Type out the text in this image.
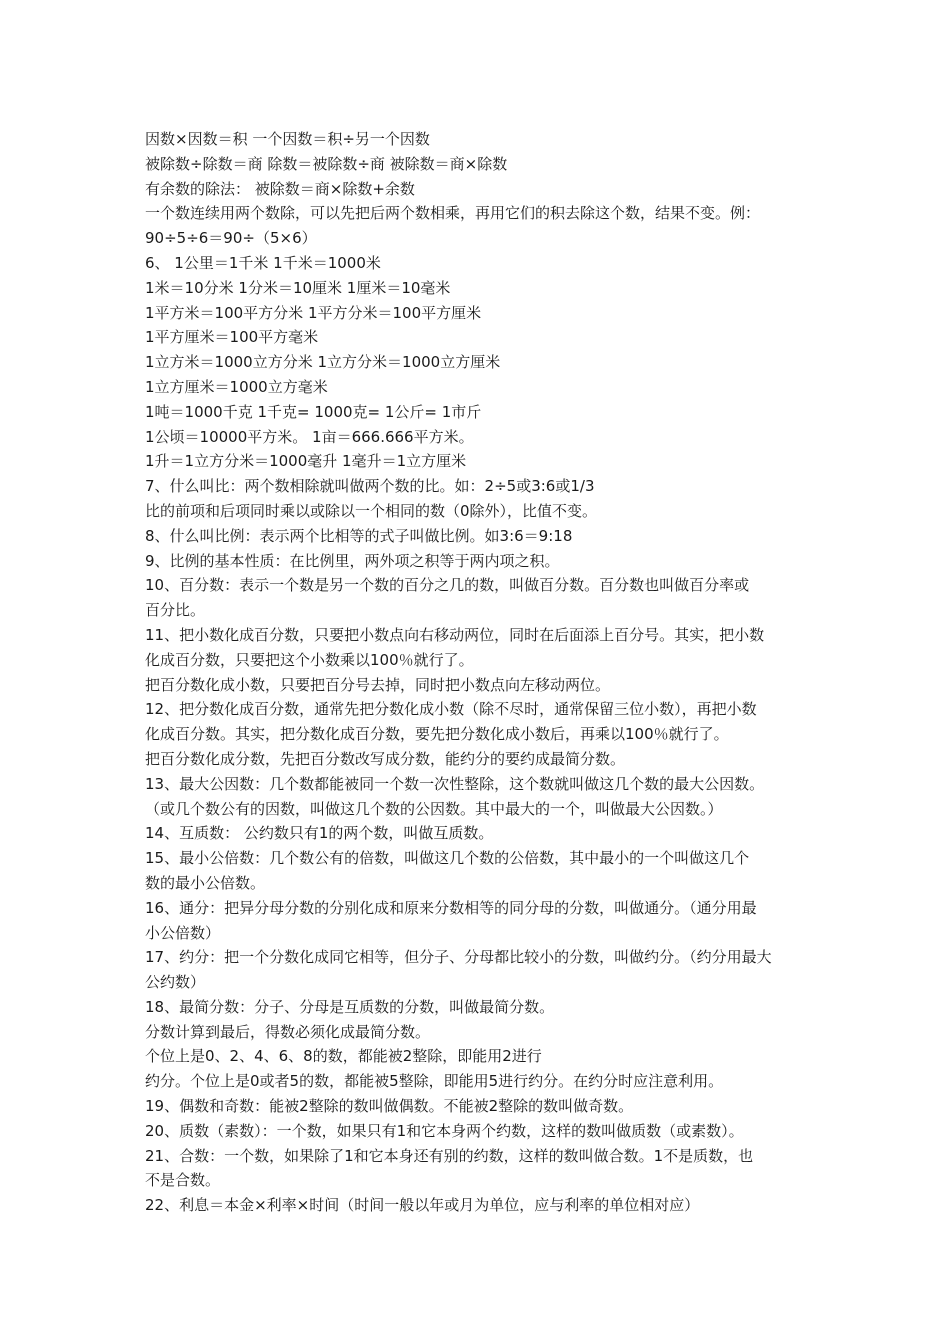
因数×因数＝积 一个因数＝积÷另一个因数
被除数÷除数＝商 除数＝被除数÷商 被除数＝商×除数
有余数的除法： 被除数＝商×除数+余数
一个数连续用两个数除，可以先把后两个数相乘，再用它们的积去除这个数，结果不变。例：
90÷5÷6＝90÷（5×6）
6、 1公里＝1千米 1千米＝1000米
1米＝10分米 1分米＝10厘米 1厘米＝10毫米
1平方米＝100平方分米 1平方分米＝100平方厘米
1平方厘米＝100平方毫米
1立方米＝1000立方分米 1立方分米＝1000立方厘米
1立方厘米＝1000立方毫米
1吨＝1000千克 1千克= 1000克= 1公斤= 1市斤
1公顷＝10000平方米。 1亩＝666.666平方米。
1升＝1立方分米＝1000毫升 1毫升＝1立方厘米
7、什么叫比：两个数相除就叫做两个数的比。如：2÷5或3:6或1/3
比的前项和后项同时乘以或除以一个相同的数（0除外），比值不变。
8、什么叫比例：表示两个比相等的式子叫做比例。如3:6＝9:18
9、比例的基本性质：在比例里，两外项之积等于两内项之积。
10、百分数：表示一个数是另一个数的百分之几的数，叫做百分数。百分数也叫做百分率或
百分比。
11、把小数化成百分数，只要把小数点向右移动两位，同时在后面添上百分号。其实，把小数
化成百分数，只要把这个小数乘以100％就行了。
把百分数化成小数，只要把百分号去掉，同时把小数点向左移动两位。
12、把分数化成百分数，通常先把分数化成小数（除不尽时，通常保留三位小数），再把小数
化成百分数。其实，把分数化成百分数，要先把分数化成小数后，再乘以100％就行了。
把百分数化成分数，先把百分数改写成分数，能约分的要约成最简分数。
13、最大公因数：几个数都能被同一个数一次性整除，这个数就叫做这几个数的最大公因数。
（或几个数公有的因数，叫做这几个数的公因数。其中最大的一个，叫做最大公因数。）
14、互质数： 公约数只有1的两个数，叫做互质数。
15、最小公倍数：几个数公有的倍数，叫做这几个数的公倍数，其中最小的一个叫做这几个
数的最小公倍数。
16、通分：把异分母分数的分别化成和原来分数相等的同分母的分数，叫做通分。（通分用最
小公倍数）
17、约分：把一个分数化成同它相等，但分子、分母都比较小的分数，叫做约分。（约分用最大
公约数）
18、最简分数：分子、分母是互质数的分数，叫做最简分数。
分数计算到最后，得数必须化成最简分数。
个位上是0、2、4、6、8的数，都能被2整除，即能用2进行
约分。个位上是0或者5的数，都能被5整除，即能用5进行约分。在约分时应注意利用。
19、偶数和奇数：能被2整除的数叫做偶数。不能被2整除的数叫做奇数。
20、质数（素数）：一个数，如果只有1和它本身两个约数，这样的数叫做质数（或素数）。
21、合数：一个数，如果除了1和它本身还有别的约数，这样的数叫做合数。1不是质数，也
不是合数。
22、利息＝本金×利率×时间（时间一般以年或月为单位，应与利率的单位相对应）
